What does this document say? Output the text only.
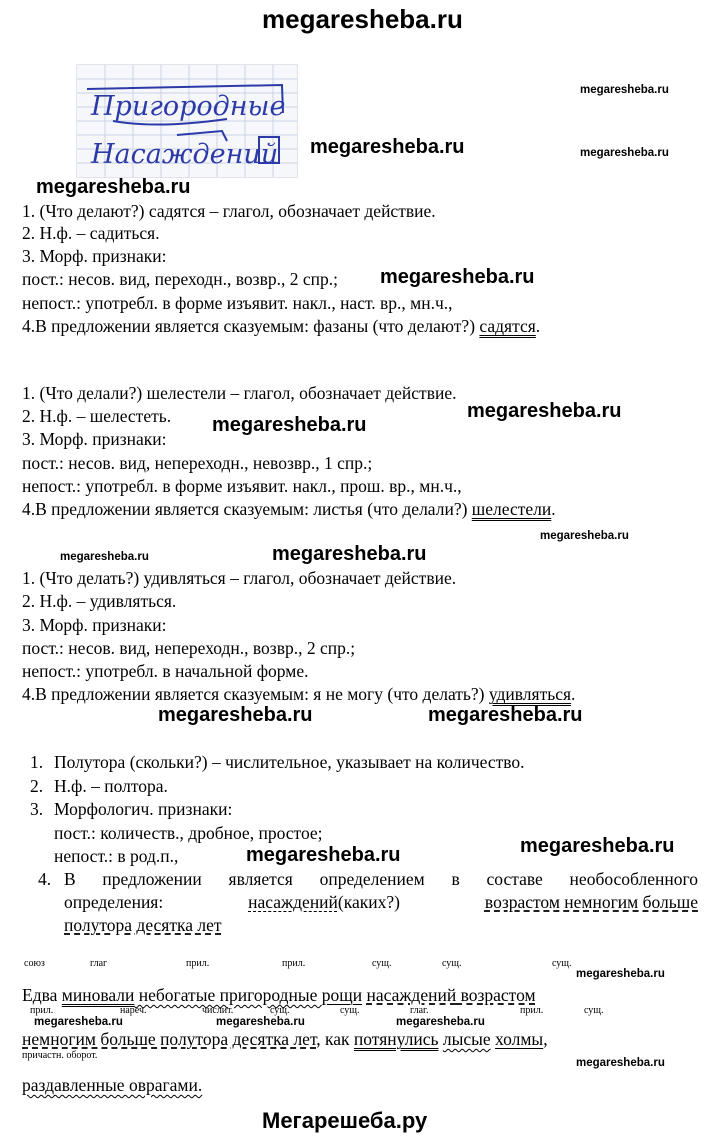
megaresheba.ru
Пригородные
Насаждений
megaresheba.ru
megaresheba.ru	megaresheba.ru
megaresheba.ru
1. (Что делают?) садятся – глагол, обозначает действие.
2. Н.ф. – садиться.
3. Морф. признаки:
пост.: несов. вид, переходн., возвр., 2 спр.; megaresheba.ru
непост.: употребл. в форме изъявит. накл., наст. вр., мн.ч.,
4.В предложении является сказуемым: фазаны (что делают?) садятся.
1. (Что делали?) шелестели – глагол, обозначает действие.
2. Н.ф. – шелестеть.	megaresheba.ru
megaresheba.ru
3. Морф. признаки:
пост.: несов. вид, непереходн., невозвр., 1 спр.;
непост.: употребл. в форме изъявит. накл., прош. вр., мн.ч.,
4.В предложении является сказуемым: листья (что делали?) шелестели.
megaresheba.ru
megaresheba.ru
megaresheba.ru
1. (Что делать?) удивляться – глагол, обозначает действие.
2. Н.ф. – удивляться.
3. Морф. признаки:
пост.: несов. вид, непереходн., возвр., 2 спр.;
непост.: употребл. в начальной форме.
4.В предложении является сказуемым: я не могу (что делать?) удивляться.
megaresheba.ru	megaresheba.ru
1. Полутора (скольки?) – числительное, указывает на количество.
2. Н.ф. – полтора.
3. Морфологич. признаки:
пост.: количеств., дробное, простое;
непост.: в род.п.,	megaresheba.ru
megaresheba.ru
4. В предложении является определением в составе необособленного
определения:	насаждений(каких?)	возрастом немногим больше
полутора десятка лет
союз	глаг	прил.	прил.	сущ.	сущ.	сущ.
megaresheba.ru
Едва миновали небогатые пригородные рощи насаждений возрастом
прил.	нареч.	числит.	сущ.	сущ.	глаг.	прил.	сущ.
megaresheba.ru	megaresheba.ru	megaresheba.ru
немногим больше полутора десятка лет, как потянулись лысые холмы,
причастн. оборот.
megaresheba.ru
раздавленные оврагами.
Мегарешеба.ру
